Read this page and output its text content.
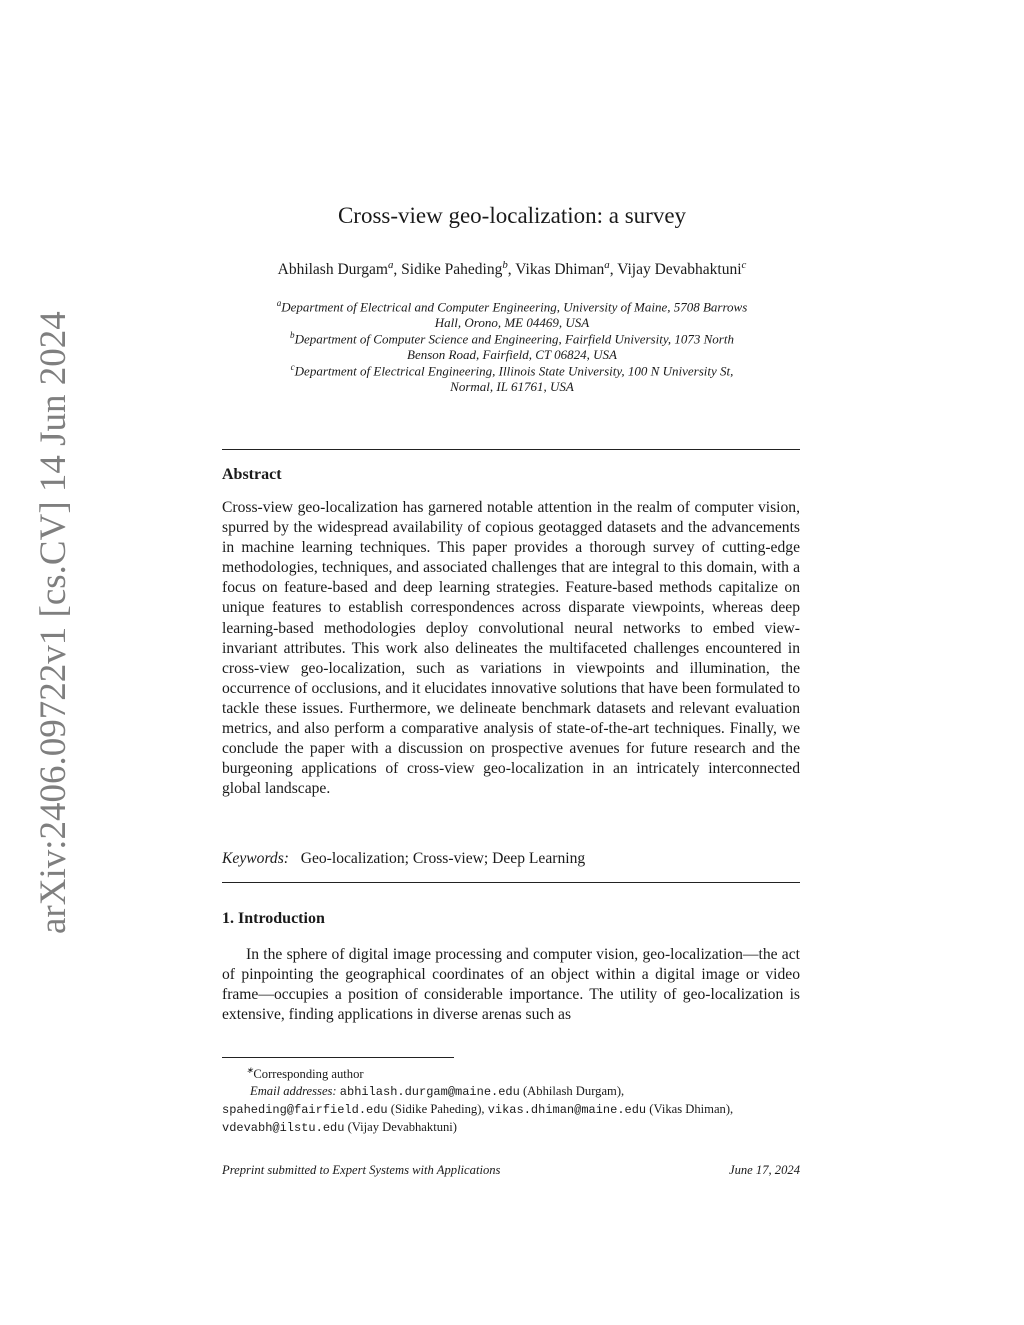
arXiv:2406.09722v1 [cs.CV] 14 Jun 2024
Cross-view geo-localization: a survey
Abhilash Durgam$^a$, Sidike Paheding$^b$, Vikas Dhiman$^a$, Vijay Devabhaktuni$^c$
$^a$Department of Electrical and Computer Engineering, University of Maine, 5708 Barrows
Hall, Orono, ME 04469, USA
$^b$Department of Computer Science and Engineering, Fairfield University, 1073 North
Benson Road, Fairfield, CT 06824, USA
$^c$Department of Electrical Engineering, Illinois State University, 100 N University St,
Normal, IL 61761, USA
Abstract
Cross-view geo-localization has garnered notable attention in the realm of computer vision, spurred by the widespread availability of copious geotagged datasets and the advancements in machine learning techniques. This paper provides a thorough survey of cutting-edge methodologies, techniques, and associated challenges that are integral to this domain, with a focus on feature-based and deep learning strategies. Feature-based methods capitalize on unique features to establish correspondences across disparate viewpoints, whereas deep learning-based methodologies deploy convolutional neural networks to embed view-invariant attributes. This work also delineates the multifaceted challenges encountered in cross-view geo-localization, such as variations in viewpoints and illumination, the occurrence of occlusions, and it elucidates innovative solutions that have been formulated to tackle these issues. Furthermore, we delineate benchmark datasets and relevant evaluation metrics, and also perform a comparative analysis of state-of-the-art techniques. Finally, we conclude the paper with a discussion on prospective avenues for future research and the burgeoning applications of cross-view geo-localization in an intricately interconnected global landscape.
Keywords: Geo-localization; Cross-view; Deep Learning
1. Introduction
In the sphere of digital image processing and computer vision, geo-localization—the act of pinpointing the geographical coordinates of an object within a digital image or video frame—occupies a position of considerable importance. The utility of geo-localization is extensive, finding applications in diverse arenas such as
∗Corresponding author
Email addresses: abhilash.durgam@maine.edu (Abhilash Durgam),
spaheding@fairfield.edu (Sidike Paheding), vikas.dhiman@maine.edu (Vikas Dhiman),
vdevabh@ilstu.edu (Vijay Devabhaktuni)
Preprint submitted to Expert Systems with Applications	June 17, 2024
